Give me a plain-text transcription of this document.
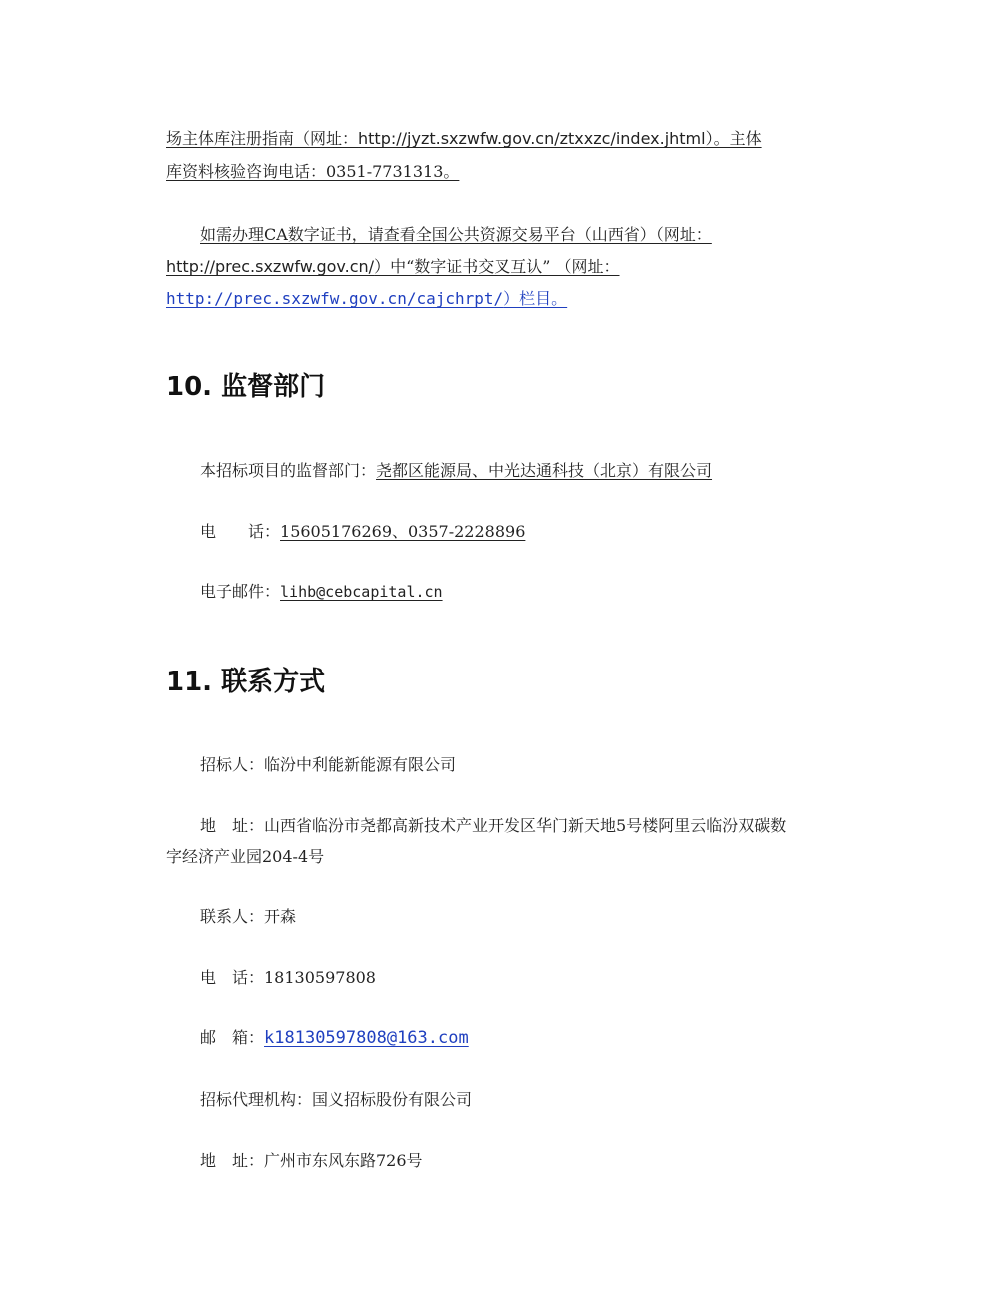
场主体库注册指南（网址：http://jyzt.sxzwfw.gov.cn/ztxxzc/index.jhtml）。主体
库资料核验咨询电话：0351-7731313。
如需办理CA数字证书，请查看全国公共资源交易平台（山西省）（网址：
http://prec.sxzwfw.gov.cn/）中“数字证书交叉互认” （网址：
http://prec.sxzwfw.gov.cn/cajchrpt/）栏目。
10. 监督部门
本招标项目的监督部门：尧都区能源局、中光达通科技（北京）有限公司
电　　话：15605176269、0357-2228896
电子邮件：lihb@cebcapital.cn
11. 联系方式
招标人：临汾中利能新能源有限公司
地　址：山西省临汾市尧都高新技术产业开发区华门新天地5号楼阿里云临汾双碳数
字经济产业园204-4号
联系人：开森
电　话：18130597808
邮　箱：k18130597808@163.com
招标代理机构：国义招标股份有限公司
地　址：广州市东风东路726号
